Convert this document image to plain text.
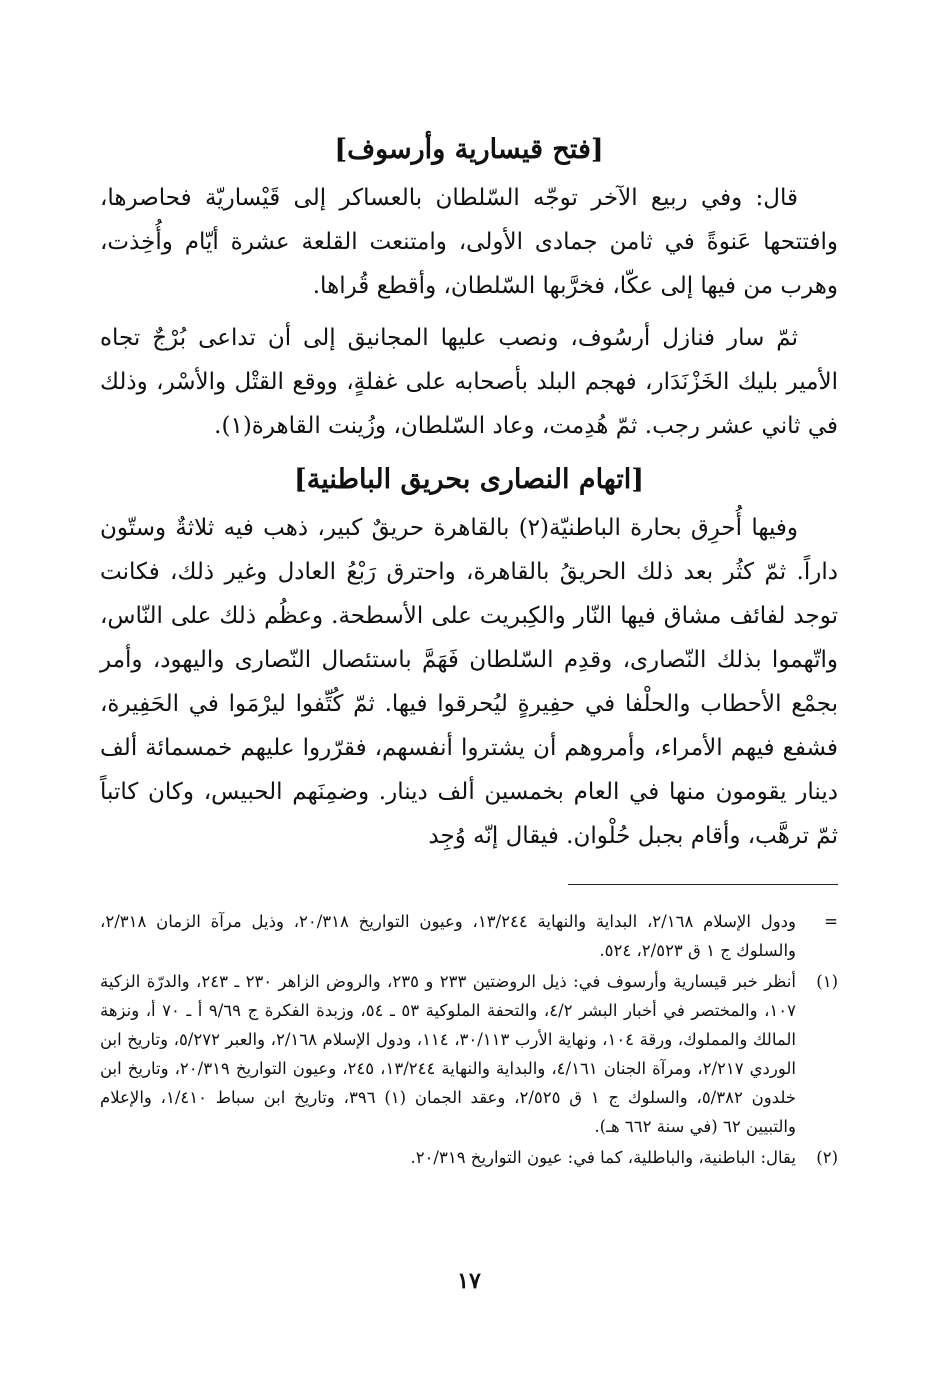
[فتح قيسارية وأرسوف]

قال: وفي ربيع الآخر توجّه السّلطان بالعساكر إلى قَيْساريّة فحاصرها، وافتتحها عَنوةً في ثامن جمادى الأولى، وامتنعت القلعة عشرة أيّام وأُخِذت، وهرب من فيها إلى عكّا، فخرَّبها السّلطان، وأقطع قُراها.

ثمّ سار فنازل أرسُوف، ونصب عليها المجانيق إلى أن تداعى بُرْجٌ تجاه الأمير بليك الخَزْنَدَار، فهجم البلد بأصحابه على غفلةٍ، ووقع القتْل والأسْر، وذلك في ثاني عشر رجب. ثمّ هُدِمت، وعاد السّلطان، وزُينت القاهرة(١).

[اتهام النصارى بحريق الباطنية]

وفيها أُحرِق بحارة الباطنيّة(٢) بالقاهرة حريقٌ كبير، ذهب فيه ثلاثةٌ وستّون داراً. ثمّ كثُر بعد ذلك الحريقُ بالقاهرة، واحترق رَبْعُ العادل وغير ذلك، فكانت توجد لفائف مشاق فيها النّار والكِبريت على الأسطحة. وعظُم ذلك على النّاس، واتّهموا بذلك النّصارى، وقدِم السّلطان فَهَمَّ باستئصال النّصارى واليهود، وأمر بجمْع الأحطاب والحلْفا في حفِيرةٍ ليُحرقوا فيها. ثمّ كُتِّفوا ليرْمَوا في الحَفِيرة، فشفع فيهم الأمراء، وأمروهم أن يشتروا أنفسهم، فقرّروا عليهم خمسمائة ألف دينار يقومون منها في العام بخمسين ألف دينار. وضمِنَهم الحبيس، وكان كاتباً ثمّ ترهَّب، وأقام بجبل حُلْوان. فيقال إنّه وُجِد

=
ودول الإسلام ٢/١٦٨، البداية والنهاية ١٣/٢٤٤، وعيون التواريخ ٢٠/٣١٨، وذيل مرآة الزمان ٢/٣١٨، والسلوك ج ١ ق ٢/٥٢٣، ٥٢٤.
(١)
أنظر خبر قيسارية وأرسوف في: ذيل الروضتين ٢٣٣ و ٢٣٥، والروض الزاهر ٢٣٠ ـ ٢٤٣، والدرّة الزكية ١٠٧، والمختصر في أخبار البشر ٤/٢، والتحفة الملوكية ٥٣ ـ ٥٤، وزبدة الفكرة ج ٩/٦٩ أ ـ ٧٠ أ، ونزهة المالك والمملوك، ورقة ١٠٤، ونهاية الأرب ٣٠/١١٣، ١١٤، ودول الإسلام ٢/١٦٨، والعبر ٥/٢٧٢، وتاريخ ابن الوردي ٢/٢١٧، ومرآة الجنان ٤/١٦١، والبداية والنهاية ١٣/٢٤٤، ٢٤٥، وعيون التواريخ ٢٠/٣١٩، وتاريخ ابن خلدون ٥/٣٨٢، والسلوك ج ١ ق ٢/٥٢٥، وعقد الجمان (١) ٣٩٦، وتاريخ ابن سباط ١/٤١٠، والإعلام والتبيين ٦٢ (في سنة ٦٦٢ هـ).
(٢)
يقال: الباطنية، والباطلية، كما في: عيون التواريخ ٢٠/٣١٩.
١٧
